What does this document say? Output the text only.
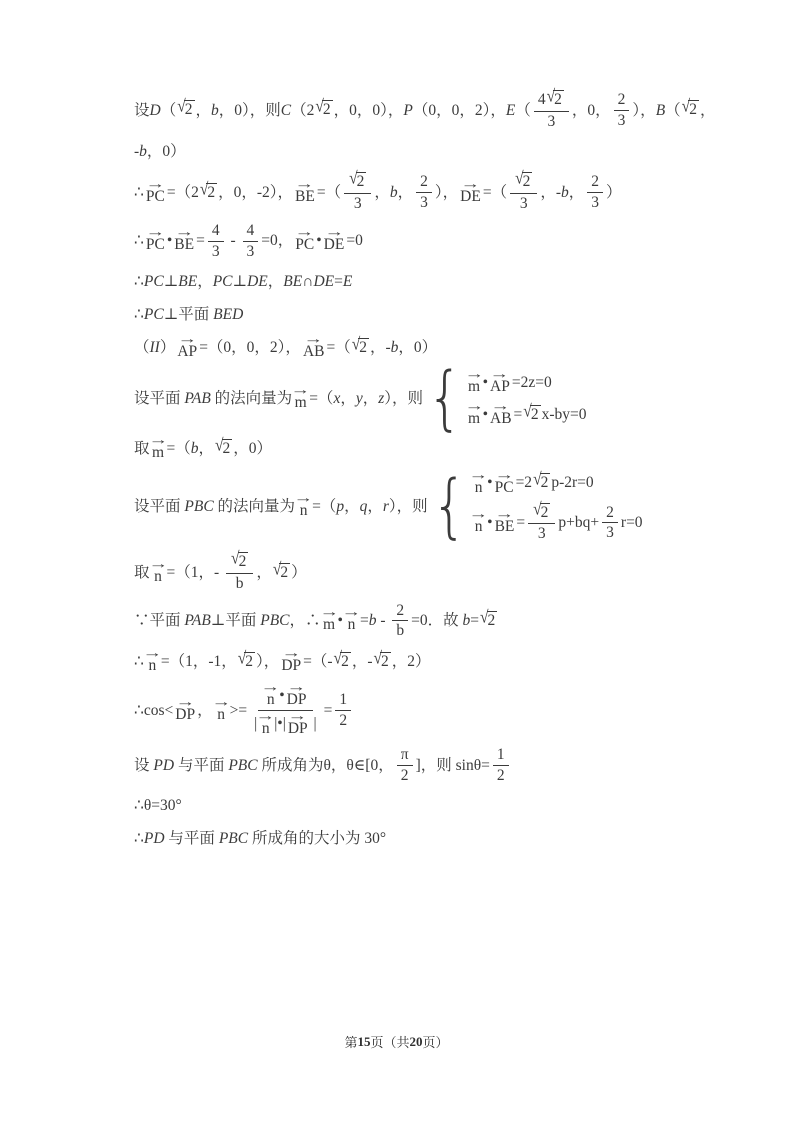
设 D （ √ 2 ， b ，0），则 C （2 √ 2 ，0，0）， P （0，0，2）， E （ $\frac{4 √ 2}{3}$ ，0， $\frac{2}{3}$ ）， B （ √ 2 ，
- b ，0）
∴
→
PC =（2 √ 2 ，0，-2），
→
BE =（ $\frac{√ 2}{3}$ ， b ， $\frac{2}{3}$ ），
→
DE =（ $\frac{√ 2}{3}$ ，- b ， $\frac{2}{3}$ ）
∴
→
PC •
→
BE = $\frac{4}{3} - \frac{4}{3} =0$，
→
PC •
→
DE =0
∴ PC ⊥ BE ， PC ⊥ DE ， BE ∩ DE = E
∴ PC ⊥平面 BED
（ II ）
→
AP =（0，0，2），
→
AB =（ √ 2 ，- b ，0）
设平面 PAB 的法向量为
→
m =（ x ， y ， z ），则 { →
m •
→
AP =2z=0
→
m •
→
AB = √ 2 x-by=0
取
→
m =（ b ， √ 2 ，0）
设平面 PBC 的法向量为
→
n =（ p ， q ， r ），则 { →
n •
→
PC =2 √ 2 p-2r=0
→
n •
→
BE = $\frac{√ 2}{3} p+bq+ \frac{2}{3} r=0$
取
→
n =（1，- $\frac{√ 2}{b}$ ， √ 2 ）
∵平面 PAB ⊥平面 PBC ，∴
→
m •
→
$n = b - \frac{2}{b} =0$．故 b = √ 2
∴
→
n =（1，-1， √ 2 ），
→
DP =（- √ 2 ，- √ 2 ，2）
∴cos<
→
DP ，
→
n >= →
n •
→
DP
|
→
n |•|
→
DP | = $\frac{1}{2}$
设 PD 与平面 PBC 所成角为θ，θ∈[0， $\frac{\pi}{2}$ ]，则 $\sin\theta= \frac{1}{2}$
∴θ=30°
∴ PD 与平面 PBC 所成角的大小为 30°
第 15 页（共 20 页）
